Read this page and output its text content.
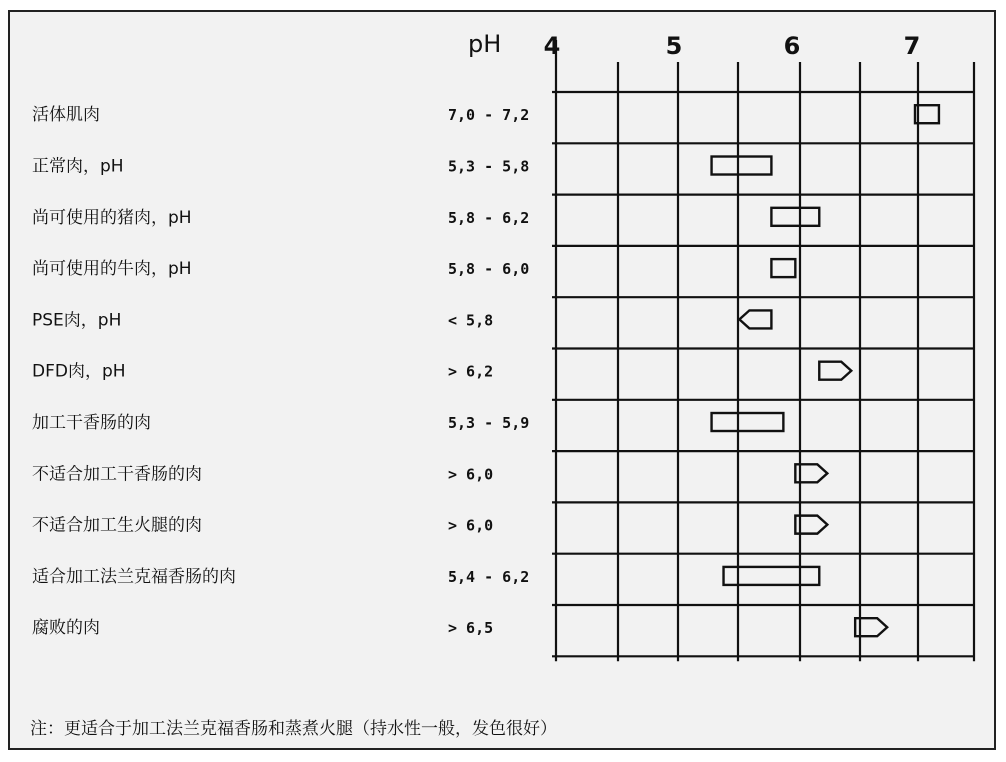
4	5	6	7
pH
活体肌肉	7,0 - 7,2
正常肉，pH	5,3 - 5,8
尚可使用的猪肉，pH	5,8 - 6,2
尚可使用的牛肉，pH	5,8 - 6,0
PSE肉，pH	< 5,8
DFD肉，pH	> 6,2
加工干香肠的肉	5,3 - 5,9
不适合加工干香肠的肉	> 6,0
不适合加工生火腿的肉	> 6,0
适合加工法兰克福香肠的肉	5,4 - 6,2
腐败的肉	> 6,5
注：更适合于加工法兰克福香肠和蒸煮火腿（持水性一般，发色很好）
